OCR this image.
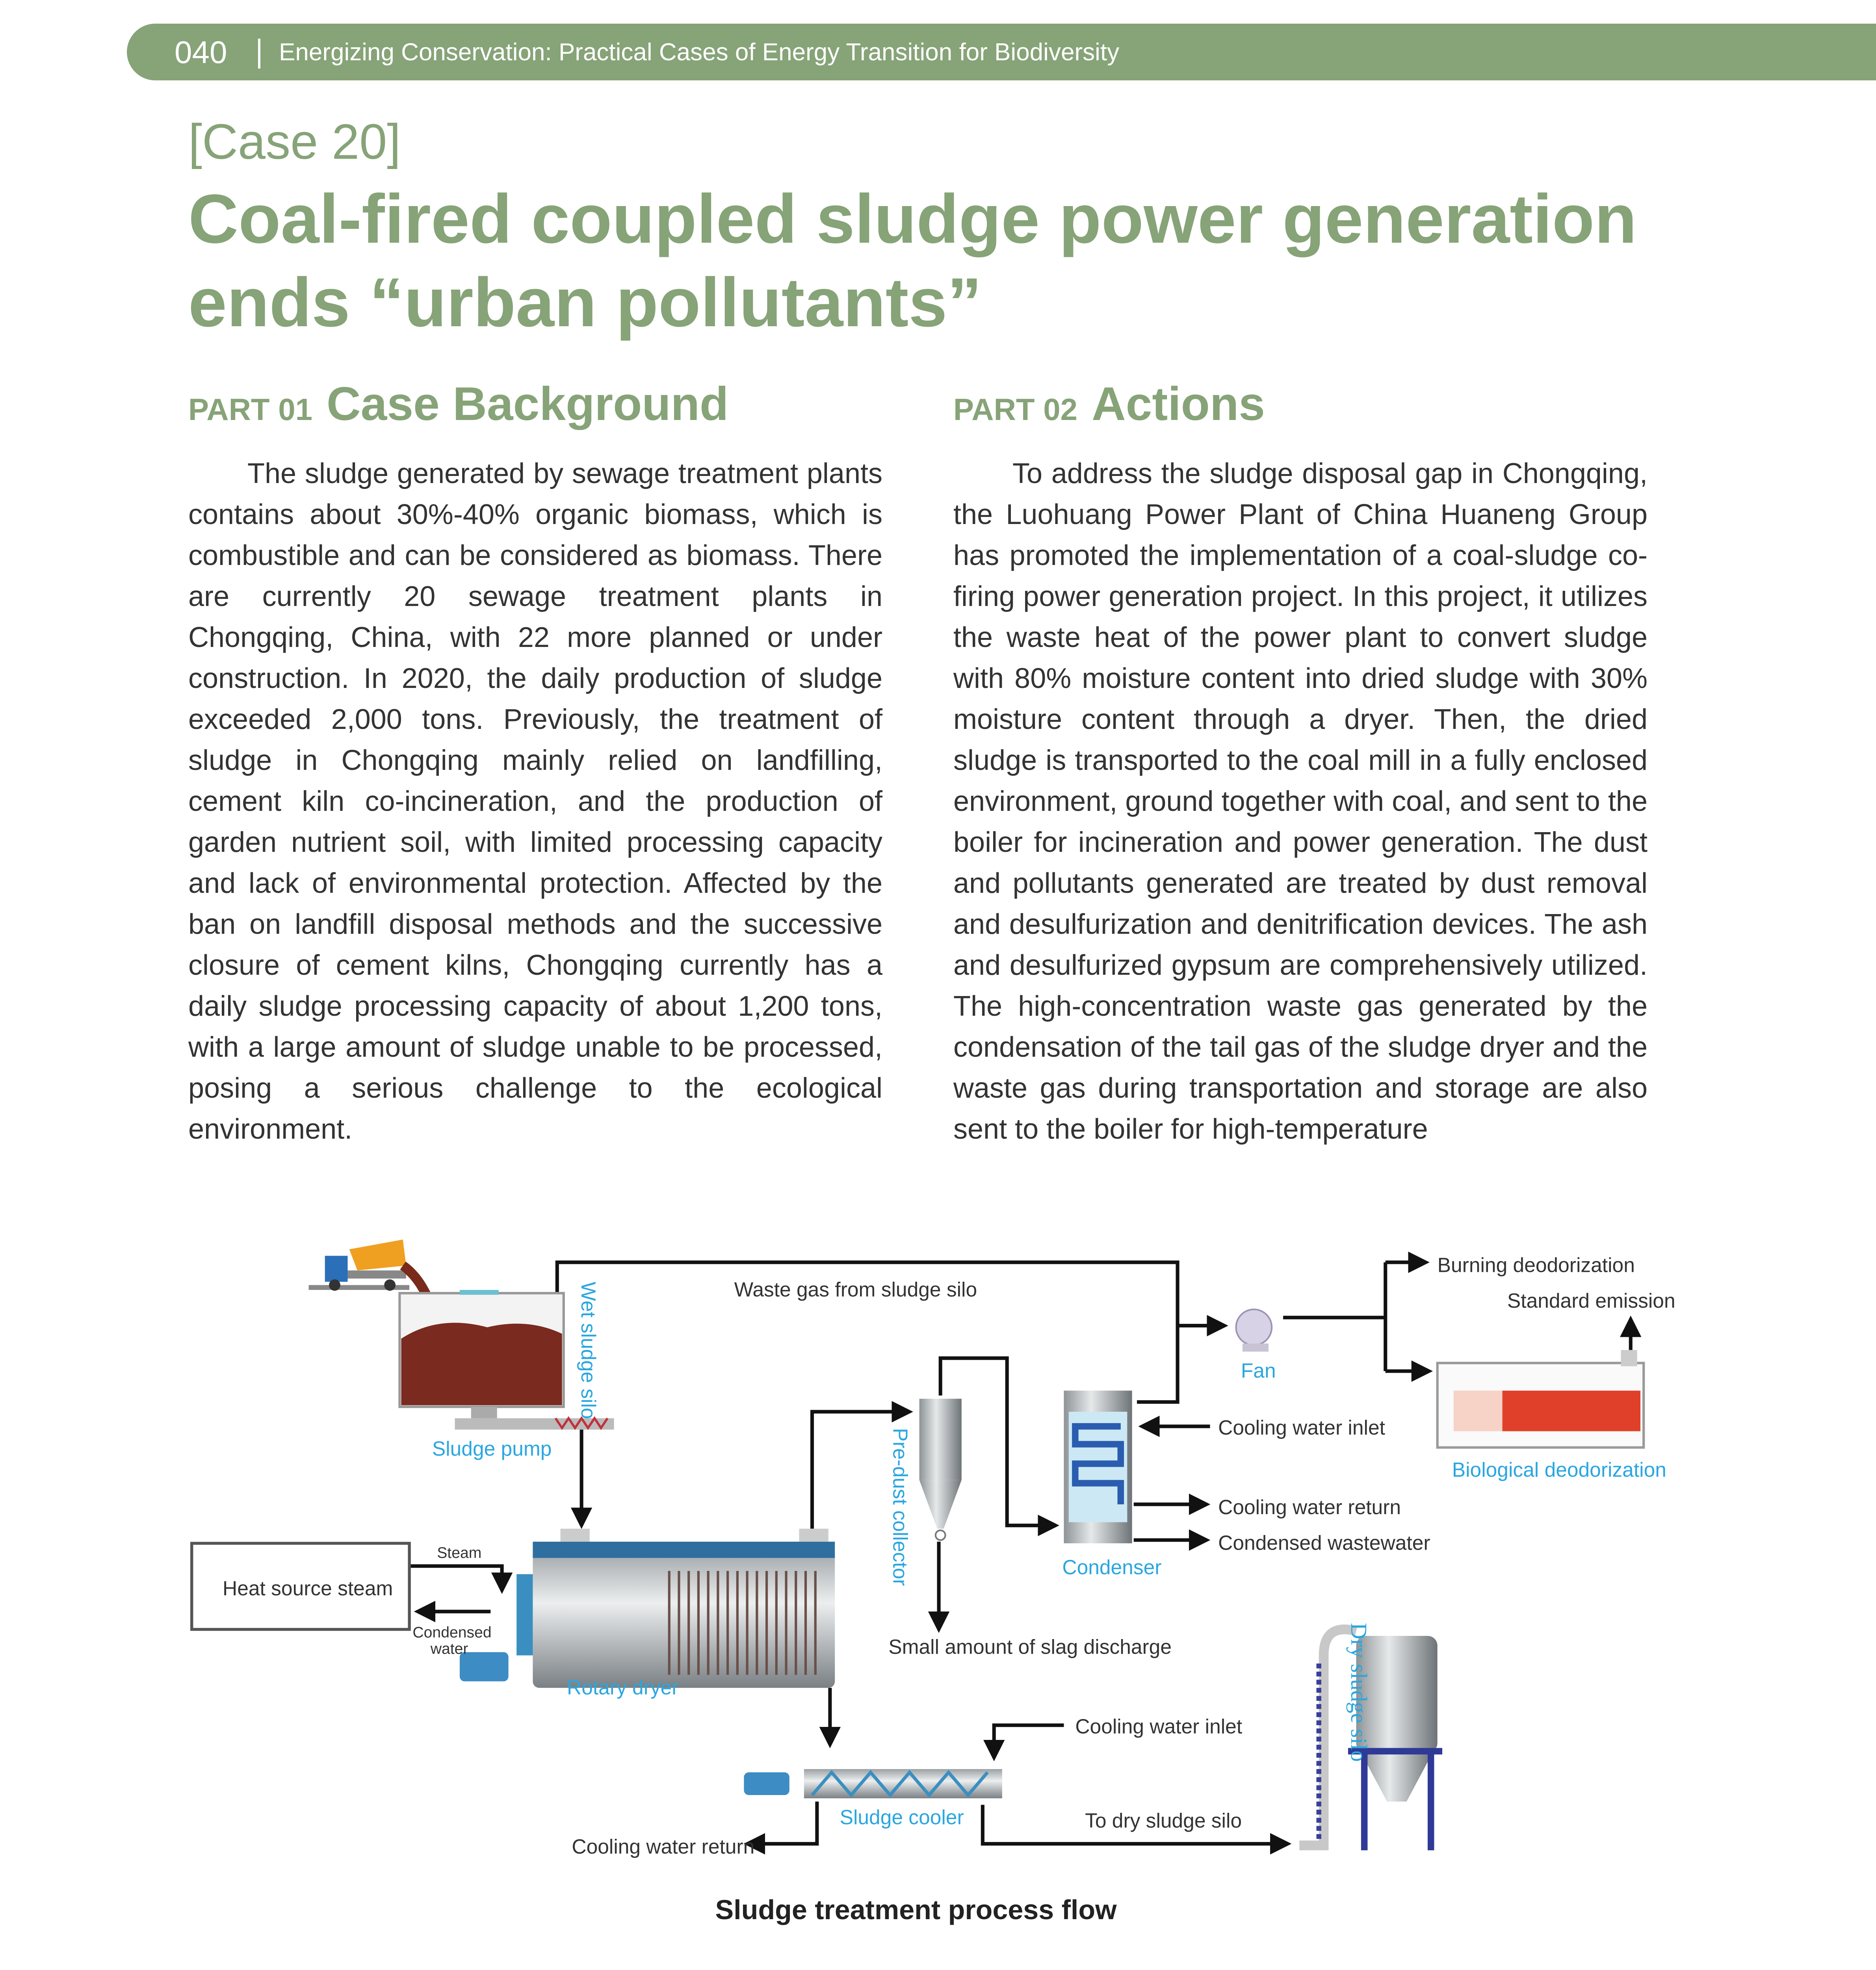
040 Energizing Conservation: Practical Cases of Energy Transition for Biodiversity
[Case 20]
Coal-fired coupled sludge power generation ends “urban pollutants”
PART 01 Case Background
The sludge generated by sewage treatment plants contains about 30%-40% organic biomass, which is combustible and can be considered as biomass. There are currently 20 sewage treatment plants in Chongqing, China, with 22 more planned or under construction. In 2020, the daily production of sludge exceeded 2,000 tons. Previously, the treatment of sludge in Chongqing mainly relied on landfilling, cement kiln co-incineration, and the production of garden nutrient soil, with limited processing capacity and lack of environmental protection. Affected by the ban on landfill disposal methods and the successive closure of cement kilns, Chongqing currently has a daily sludge processing capacity of about 1,200 tons, with a large amount of sludge unable to be processed, posing a serious challenge to the ecological environment.
PART 02 Actions
To address the sludge disposal gap in Chongqing, the Luohuang Power Plant of China Huaneng Group has promoted the implementation of a coal-sludge co-firing power generation project. In this project, it utilizes the waste heat of the power plant to convert sludge with 80% moisture content into dried sludge with 30% moisture content through a dryer. Then, the dried sludge is transported to the coal mill in a fully enclosed environment, ground together with coal, and sent to the boiler for incineration and power generation. The dust and pollutants generated are treated by dust removal and desulfurization and denitrification devices. The ash and desulfurized gypsum are comprehensively utilized. The high-concentration waste gas generated by the condensation of the tail gas of the sludge dryer and the waste gas during transportation and storage are also sent to the boiler for high-temperature
Wet sludge silo	Waste gas from sludge silo
Sludge pump	Pre-dust collector
Fan
Burning deodorization
Standard emission
Biological deodorization
Cooling water inlet
Cooling water return
Condensed wastewater
Condenser
Heat source steam
Steam
Condensed
water
Rotary dryer
Small amount of slag discharge
Cooling water inlet
Sludge cooler	To dry sludge silo
Cooling water return
Dry sludge silo
Sludge treatment process flow
